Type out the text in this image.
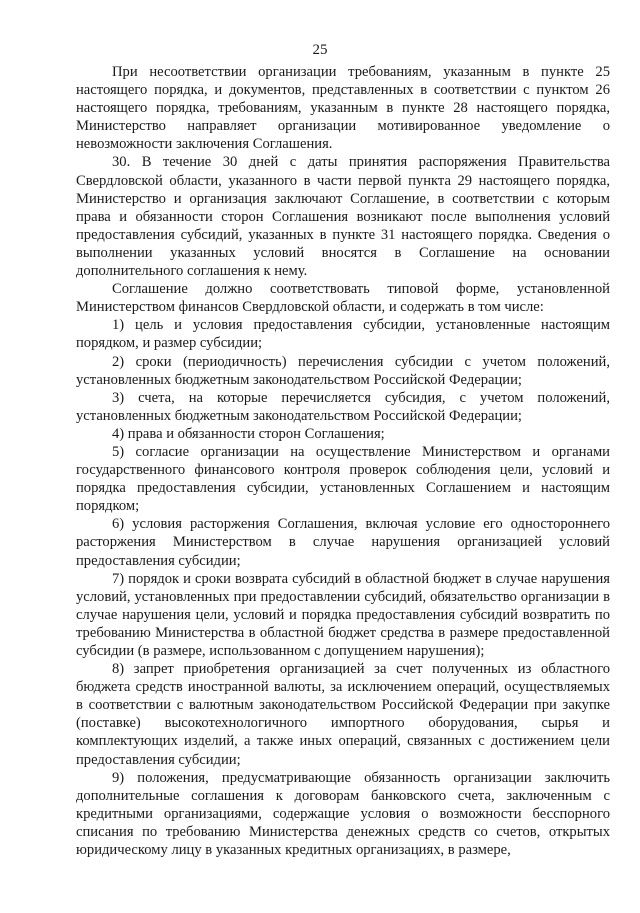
25

При несоответствии организации требованиям, указанным в пункте 25 настоящего порядка, и документов, представленных в соответствии с пунктом 26 настоящего порядка, требованиям, указанным в пункте 28 настоящего порядка, Министерство направляет организации мотивированное уведомление о невозможности заключения Соглашения.

30. В течение 30 дней с даты принятия распоряжения Правительства Свердловской области, указанного в части первой пункта 29 настоящего порядка, Министерство и организация заключают Соглашение, в соответствии с которым права и обязанности сторон Соглашения возникают после выполнения условий предоставления субсидий, указанных в пункте 31 настоящего порядка. Сведения о выполнении указанных условий вносятся в Соглашение на основании дополнительного соглашения к нему.

Соглашение должно соответствовать типовой форме, установленной Министерством финансов Свердловской области, и содержать в том числе:

1) цель и условия предоставления субсидии, установленные настоящим порядком, и размер субсидии;

2) сроки (периодичность) перечисления субсидии с учетом положений, установленных бюджетным законодательством Российской Федерации;

3) счета, на которые перечисляется субсидия, с учетом положений, установленных бюджетным законодательством Российской Федерации;

4) права и обязанности сторон Соглашения;

5) согласие организации на осуществление Министерством и органами государственного финансового контроля проверок соблюдения цели, условий и порядка предоставления субсидии, установленных Соглашением и настоящим порядком;

6) условия расторжения Соглашения, включая условие его одностороннего расторжения Министерством в случае нарушения организацией условий предоставления субсидии;

7) порядок и сроки возврата субсидий в областной бюджет в случае нарушения условий, установленных при предоставлении субсидий, обязательство организации в случае нарушения цели, условий и порядка предоставления субсидий возвратить по требованию Министерства в областной бюджет средства в размере предоставленной субсидии (в размере, использованном с допущением нарушения);

8) запрет приобретения организацией за счет полученных из областного бюджета средств иностранной валюты, за исключением операций, осуществляемых в соответствии с валютным законодательством Российской Федерации при закупке (поставке) высокотехнологичного импортного оборудования, сырья и комплектующих изделий, а также иных операций, связанных с достижением цели предоставления субсидии;

9) положения, предусматривающие обязанность организации заключить дополнительные соглашения к договорам банковского счета, заключенным с кредитными организациями, содержащие условия о возможности бесспорного списания по требованию Министерства денежных средств со счетов, открытых юридическому лицу в указанных кредитных организациях, в размере,
